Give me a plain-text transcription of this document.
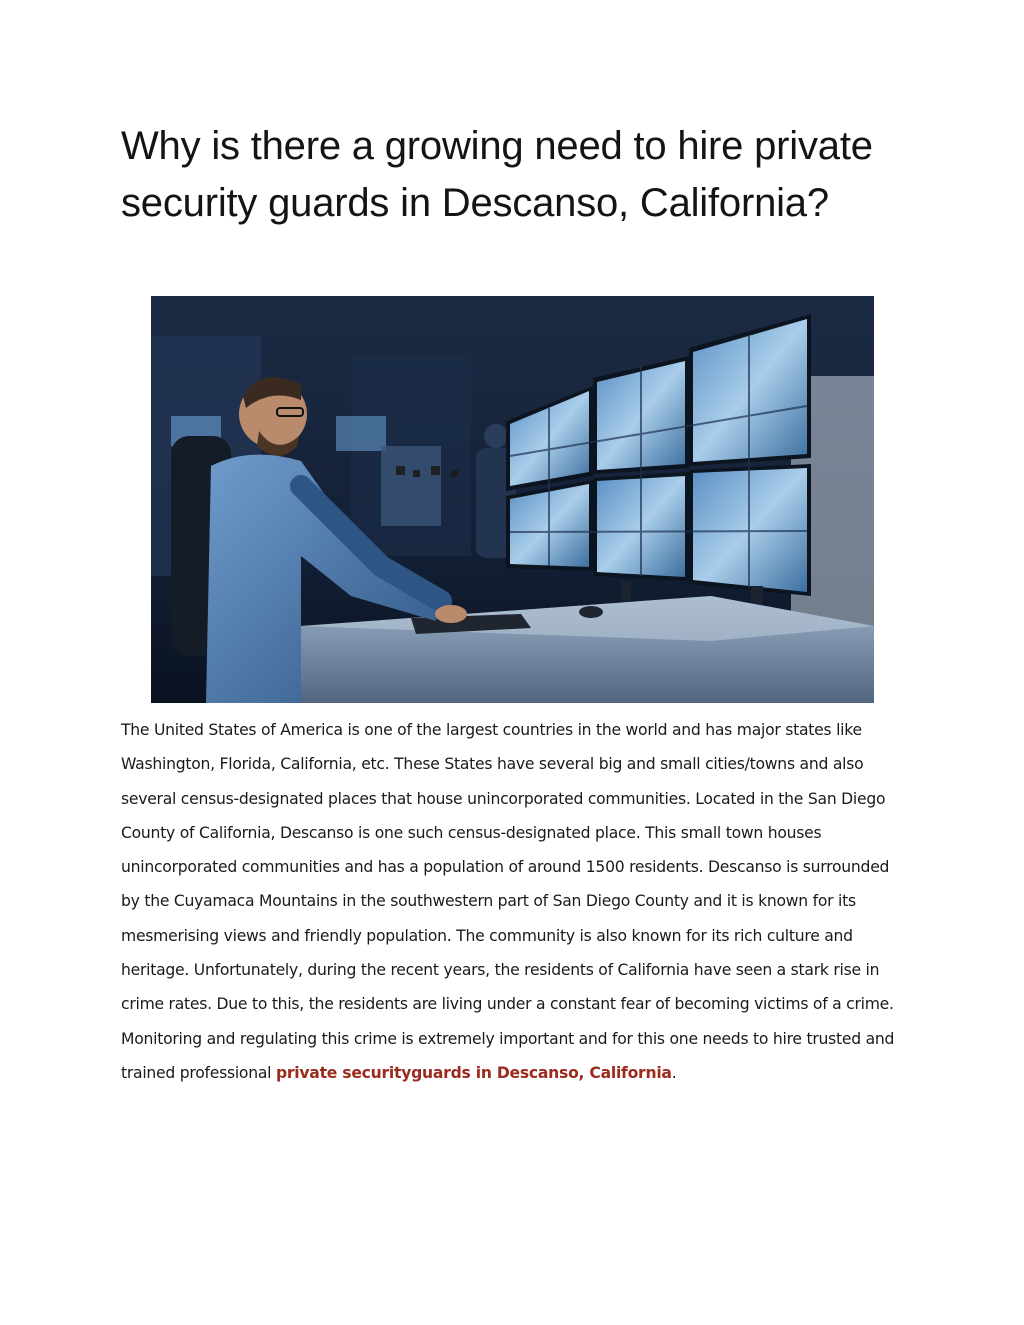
Why is there a growing need to hire private security guards in Descanso, California?

The United States of America is one of the largest countries in the world and has major states like Washington, Florida, California, etc. These States have several big and small cities/towns and also several census-designated places that house unincorporated communities. Located in the San Diego County of California, Descanso is one such census-designated place. This small town houses unincorporated communities and has a population of around 1500 residents. Descanso is surrounded by the Cuyamaca Mountains in the southwestern part of San Diego County and it is known for its mesmerising views and friendly population. The community is also known for its rich culture and heritage. Unfortunately, during the recent years, the residents of California have seen a stark rise in crime rates. Due to this, the residents are living under a constant fear of becoming victims of a crime. Monitoring and regulating this crime is extremely important and for this one needs to hire trusted and trained professional private securityguards in Descanso, California.
